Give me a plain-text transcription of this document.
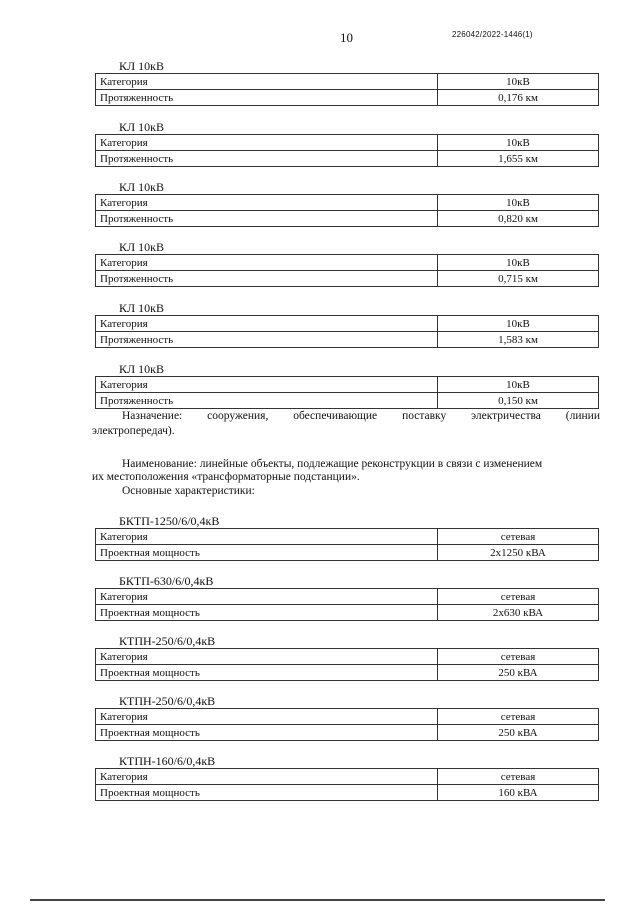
10	226042/2022-1446(1)
КЛ 10кВ
Категория	10кВ
Протяженность	0,176 км
КЛ 10кВ
Категория	10кВ
Протяженность	1,655 км
КЛ 10кВ
Категория	10кВ
Протяженность	0,820 км
КЛ 10кВ
Категория	10кВ
Протяженность	0,715 км
КЛ 10кВ
Категория	10кВ
Протяженность	1,583 км
КЛ 10кВ
Категория	10кВ
Протяженность	0,150 км
Назначение: сооружения, обеспечивающие поставку электричества (линии
электропередач).
Наименование: линейные объекты, подлежащие реконструкции в связи с изменением
их местоположения «трансформаторные подстанции».
Основные характеристики:
БКТП-1250/6/0,4кВ
Категория	сетевая
Проектная мощность	2х1250 кВА
БКТП-630/6/0,4кВ
Категория	сетевая
Проектная мощность	2х630 кВА
КТПН-250/6/0,4кВ
Категория	сетевая
Проектная мощность	250 кВА
КТПН-250/6/0,4кВ
Категория	сетевая
Проектная мощность	250 кВА
КТПН-160/6/0,4кВ
Категория	сетевая
Проектная мощность	160 кВА
